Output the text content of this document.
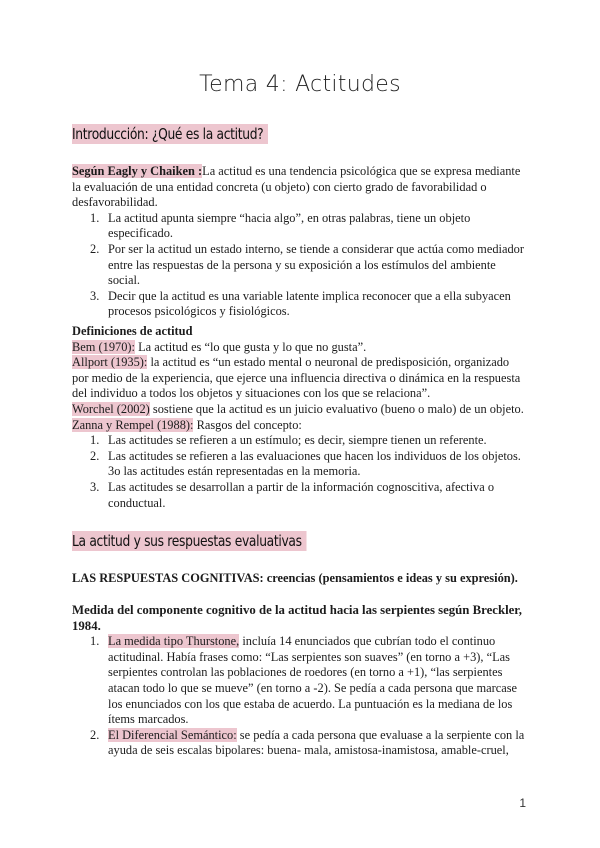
Tema 4: Actitudes
Introducción: ¿Qué es la actitud?
Según Eagly y Chaiken :La actitud es una tendencia psicológica que se expresa mediante la evaluación de una entidad concreta (u objeto) con cierto grado de favorabilidad o desfavorabilidad.
1. La actitud apunta siempre “hacia algo”, en otras palabras, tiene un objeto especificado.
2. Por ser la actitud un estado interno, se tiende a considerar que actúa como mediador entre las respuestas de la persona y su exposición a los estímulos del ambiente social.
3. Decir que la actitud es una variable latente implica reconocer que a ella subyacen procesos psicológicos y fisiológicos.
Definiciones de actitud
Bem (1970): La actitud es “lo que gusta y lo que no gusta”.
Allport (1935): la actitud es “un estado mental o neuronal de predisposición, organizado por medio de la experiencia, que ejerce una influencia directiva o dinámica en la respuesta del individuo a todos los objetos y situaciones con los que se relaciona”.
Worchel (2002) sostiene que la actitud es un juicio evaluativo (bueno o malo) de un objeto.
Zanna y Rempel (1988): Rasgos del concepto:
1. Las actitudes se refieren a un estímulo; es decir, siempre tienen un referente.
2. Las actitudes se refieren a las evaluaciones que hacen los individuos de los objetos. 3o las actitudes están representadas en la memoria.
3. Las actitudes se desarrollan a partir de la información cognoscitiva, afectiva o conductual.
La actitud y sus respuestas evaluativas
LAS RESPUESTAS COGNITIVAS: creencias (pensamientos e ideas y su expresión).
Medida del componente cognitivo de la actitud hacia las serpientes según Breckler, 1984.
1. La medida tipo Thurstone, incluía 14 enunciados que cubrían todo el continuo actitudinal. Había frases como: “Las serpientes son suaves” (en torno a +3), “Las serpientes controlan las poblaciones de roedores (en torno a +1), “las serpientes atacan todo lo que se mueve” (en torno a -2). Se pedía a cada persona que marcase los enunciados con los que estaba de acuerdo. La puntuación es la mediana de los ítems marcados.
2. El Diferencial Semántico: se pedía a cada persona que evaluase a la serpiente con la ayuda de seis escalas bipolares: buena- mala, amistosa-inamistosa, amable-cruel,
1
